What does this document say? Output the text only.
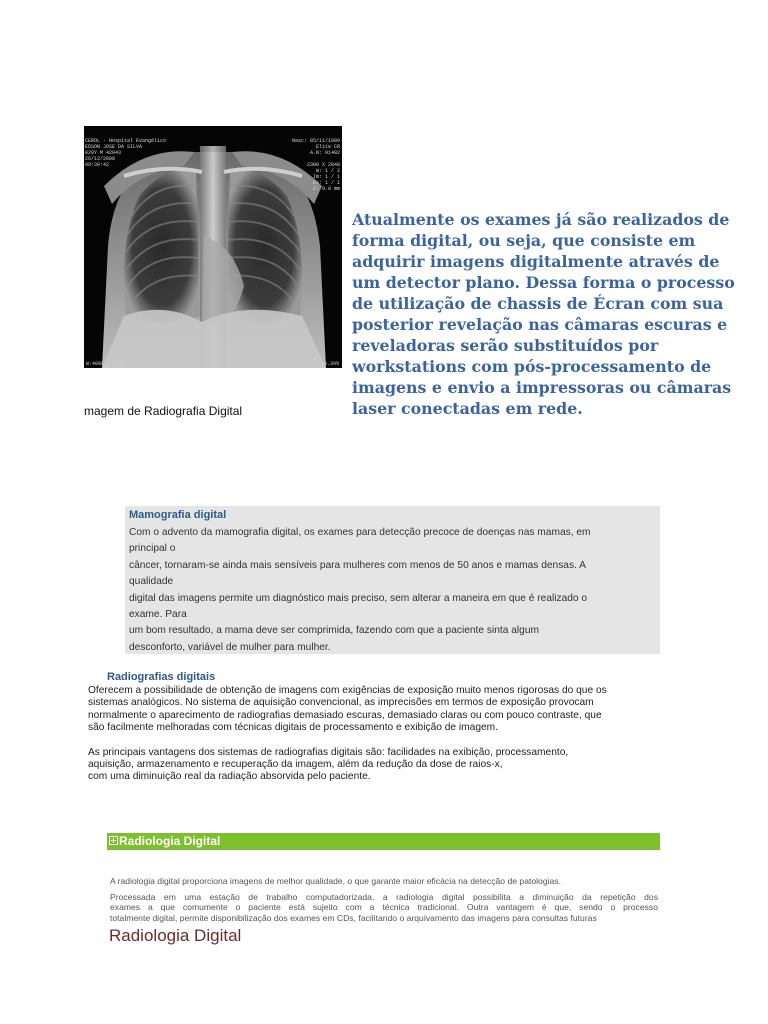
CEROL - Hospital Evangélico
EDSON JOSE DA SILVA
029Y M 42043
26/12/2008
09:39:42

Nasc: 05/11/1980
Elite CR
A.N: 91402

2300 X 2048
W: 1 / 2
Im: 1 / 1
Ex: 1 / 1
Z: 0.0 mm

W:4006 L:2048	20.39%
magem de Radiografia Digital
Atualmente os exames já são realizados de
forma digital, ou seja, que consiste em
adquirir imagens digitalmente através de
um detector plano. Dessa forma o processo
de utilização de chassis de Écran com sua
posterior revelação nas câmaras escuras e
reveladoras serão substituídos por
workstations com pós-processamento de
imagens e envio a impressoras ou câmaras
laser conectadas em rede.
Mamografia digital
Com o advento da mamografia digital, os exames para detecção precoce de doenças nas mamas, em
principal o
câncer, tornaram-se ainda mais sensíveis para mulheres com menos de 50 anos e mamas densas. A
qualidade
digital das imagens permite um diagnóstico mais preciso, sem alterar a maneira em que é realizado o
exame. Para
um bom resultado, a mama deve ser comprimida, fazendo com que a paciente sinta algum
desconforto, variável de mulher para mulher.
Radiografias digitais
Oferecem a possibilidade de obtenção de imagens com exigências de exposição muito menos rigorosas do que os
sistemas analógicos. No sistema de aquisição convencional, as imprecisões em termos de exposição provocam
normalmente o aparecimento de radiografias demasiado escuras, demasiado claras ou com pouco contraste, que
são facilmente melhoradas com técnicas digitais de processamento e exibição de imagem.
As principais vantagens dos sistemas de radiografias digitais são: facilidades na exibição, processamento,
aquisição, armazenamento e recuperação da imagem, além da redução da dose de raios-x,
com uma diminuição real da radiação absorvida pelo paciente.
Radiologia Digital
A radiologia digital proporciona imagens de melhor qualidade, o que garante maior eficácia na detecção de patologias.
Processada em uma estação de trabalho computadorizada, a radiologia digital possibilita a diminuição da repetição dos
exames a que comumente o paciente está sujeito com a técnica tradicional. Outra vantagem é que, sendo o processo
totalmente digital, permite disponibilização dos exames em CDs, facilitando o arquivamento das imagens para consultas futuras
Radiologia Digital
